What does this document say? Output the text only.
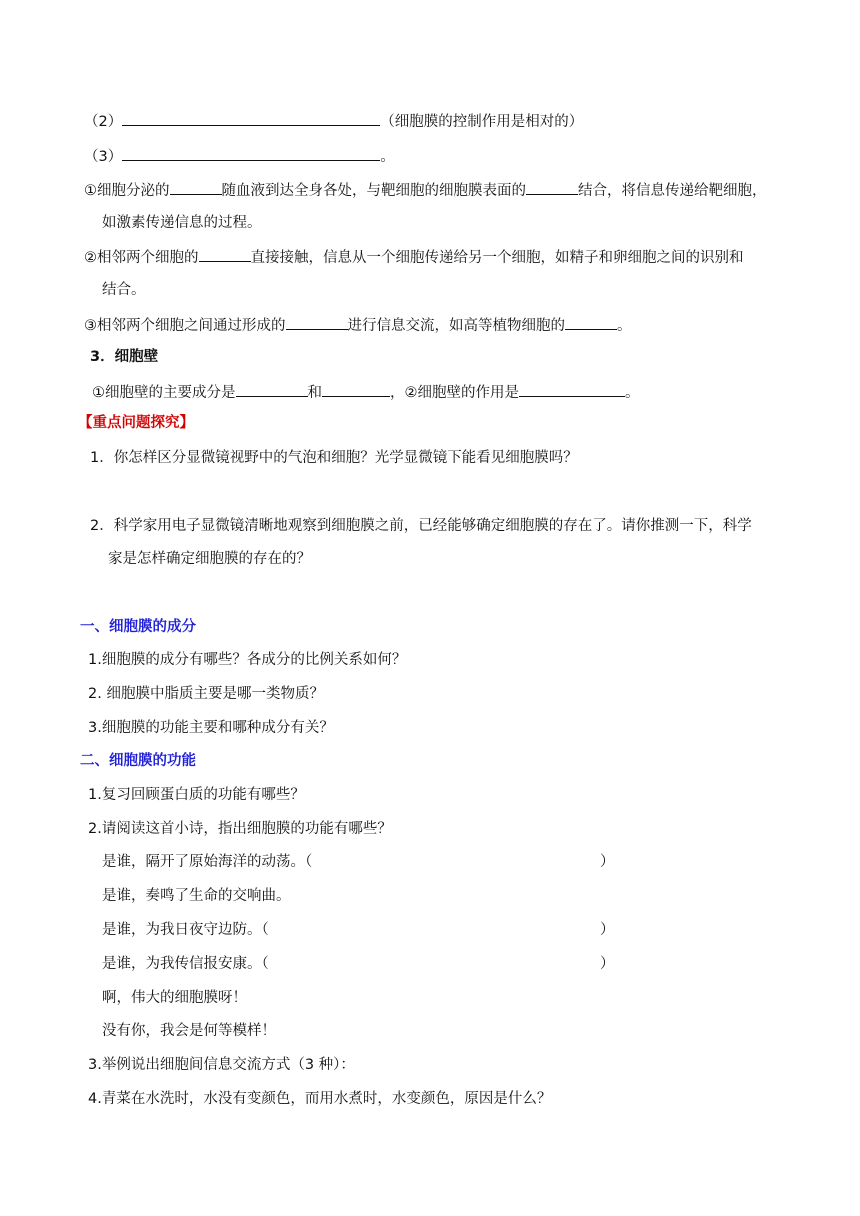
（2）	（细胞膜的控制作用是相对的）
（3）	。
①细胞分泌的	随血液到达全身各处，与靶细胞的细胞膜表面的	结合，将信息传递给靶细胞，
如激素传递信息的过程。
②相邻两个细胞的	直接接触，信息从一个细胞传递给另一个细胞，如精子和卵细胞之间的识别和
结合。
③相邻两个细胞之间通过形成的	进行信息交流，如高等植物细胞的	。
3．细胞壁
①细胞壁的主要成分是	和	，②细胞壁的作用是	。
【重点问题探究】
1．你怎样区分显微镜视野中的气泡和细胞？光学显微镜下能看见细胞膜吗？
2．科学家用电子显微镜清晰地观察到细胞膜之前，已经能够确定细胞膜的存在了。请你推测一下，科学
家是怎样确定细胞膜的存在的？
一、细胞膜的成分
1.细胞膜的成分有哪些？各成分的比例关系如何？
2. 细胞膜中脂质主要是哪一类物质？
3.细胞膜的功能主要和哪种成分有关？
二、细胞膜的功能
1.复习回顾蛋白质的功能有哪些？
2.请阅读这首小诗，指出细胞膜的功能有哪些？
是谁，隔开了原始海洋的动荡。（	）
是谁，奏鸣了生命的交响曲。
是谁，为我日夜守边防。（	）
是谁，为我传信报安康。（	）
啊，伟大的细胞膜呀！
没有你，我会是何等模样！
3.举例说出细胞间信息交流方式（3 种）：
4.青菜在水洗时，水没有变颜色，而用水煮时，水变颜色，原因是什么？
